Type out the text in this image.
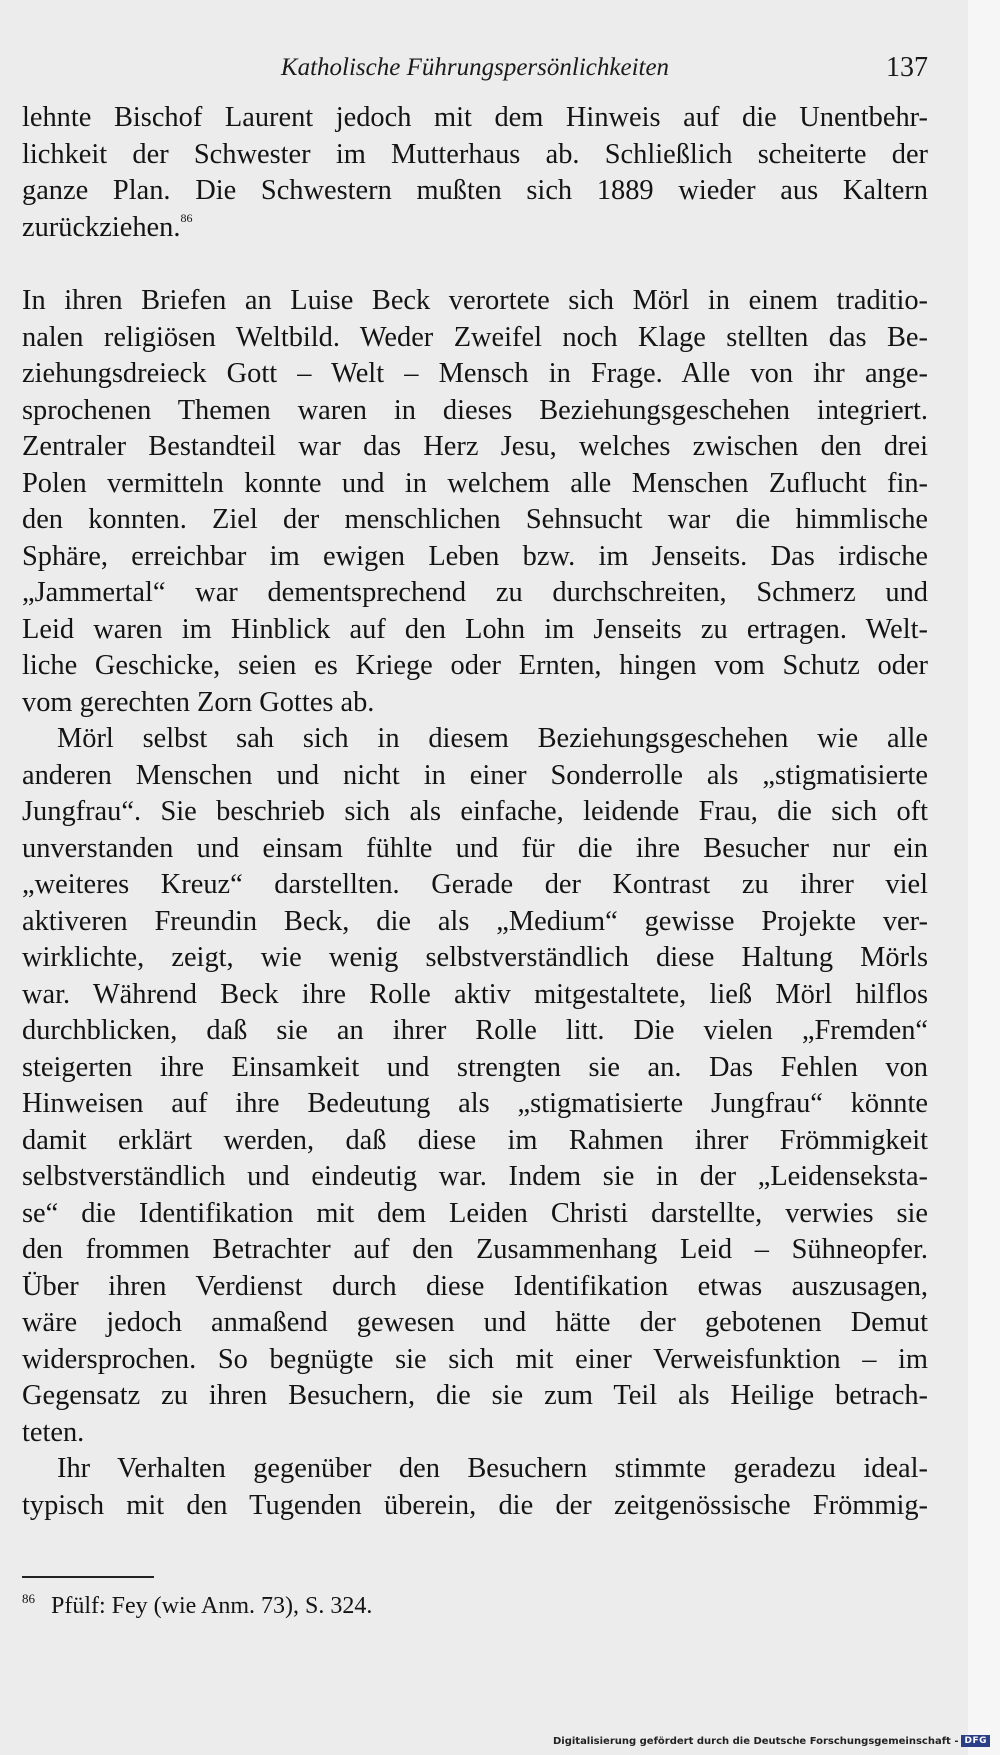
Katholische Führungspersönlichkeiten	137
lehnte Bischof Laurent jedoch mit dem Hinweis auf die Unentbehr-
lichkeit der Schwester im Mutterhaus ab. Schließlich scheiterte der
ganze Plan. Die Schwestern mußten sich 1889 wieder aus Kaltern
zurückziehen.$^{86}$
In ihren Briefen an Luise Beck verortete sich Mörl in einem traditio-
nalen religiösen Weltbild. Weder Zweifel noch Klage stellten das Be-
ziehungsdreieck Gott – Welt – Mensch in Frage. Alle von ihr ange-
sprochenen Themen waren in dieses Beziehungsgeschehen integriert.
Zentraler Bestandteil war das Herz Jesu, welches zwischen den drei
Polen vermitteln konnte und in welchem alle Menschen Zuflucht fin-
den konnten. Ziel der menschlichen Sehnsucht war die himmlische
Sphäre, erreichbar im ewigen Leben bzw. im Jenseits. Das irdische
„Jammertal“ war dementsprechend zu durchschreiten, Schmerz und
Leid waren im Hinblick auf den Lohn im Jenseits zu ertragen. Welt-
liche Geschicke, seien es Kriege oder Ernten, hingen vom Schutz oder
vom gerechten Zorn Gottes ab.
Mörl selbst sah sich in diesem Beziehungsgeschehen wie alle
anderen Menschen und nicht in einer Sonderrolle als „stigmatisierte
Jungfrau“. Sie beschrieb sich als einfache, leidende Frau, die sich oft
unverstanden und einsam fühlte und für die ihre Besucher nur ein
„weiteres Kreuz“ darstellten. Gerade der Kontrast zu ihrer viel
aktiveren Freundin Beck, die als „Medium“ gewisse Projekte ver-
wirklichte, zeigt, wie wenig selbstverständlich diese Haltung Mörls
war. Während Beck ihre Rolle aktiv mitgestaltete, ließ Mörl hilflos
durchblicken, daß sie an ihrer Rolle litt. Die vielen „Fremden“
steigerten ihre Einsamkeit und strengten sie an. Das Fehlen von
Hinweisen auf ihre Bedeutung als „stigmatisierte Jungfrau“ könnte
damit erklärt werden, daß diese im Rahmen ihrer Frömmigkeit
selbstverständlich und eindeutig war. Indem sie in der „Leidenseksta-
se“ die Identifikation mit dem Leiden Christi darstellte, verwies sie
den frommen Betrachter auf den Zusammenhang Leid – Sühneopfer.
Über ihren Verdienst durch diese Identifikation etwas auszusagen,
wäre jedoch anmaßend gewesen und hätte der gebotenen Demut
widersprochen. So begnügte sie sich mit einer Verweisfunktion – im
Gegensatz zu ihren Besuchern, die sie zum Teil als Heilige betrach-
teten.
Ihr Verhalten gegenüber den Besuchern stimmte geradezu ideal-
typisch mit den Tugenden überein, die der zeitgenössische Frömmig-
$^{86}$ Pfülf: Fey (wie Anm. 73), S. 324.
Digitalisierung gefördert durch die Deutsche Forschungsgemeinschaft - DFG
